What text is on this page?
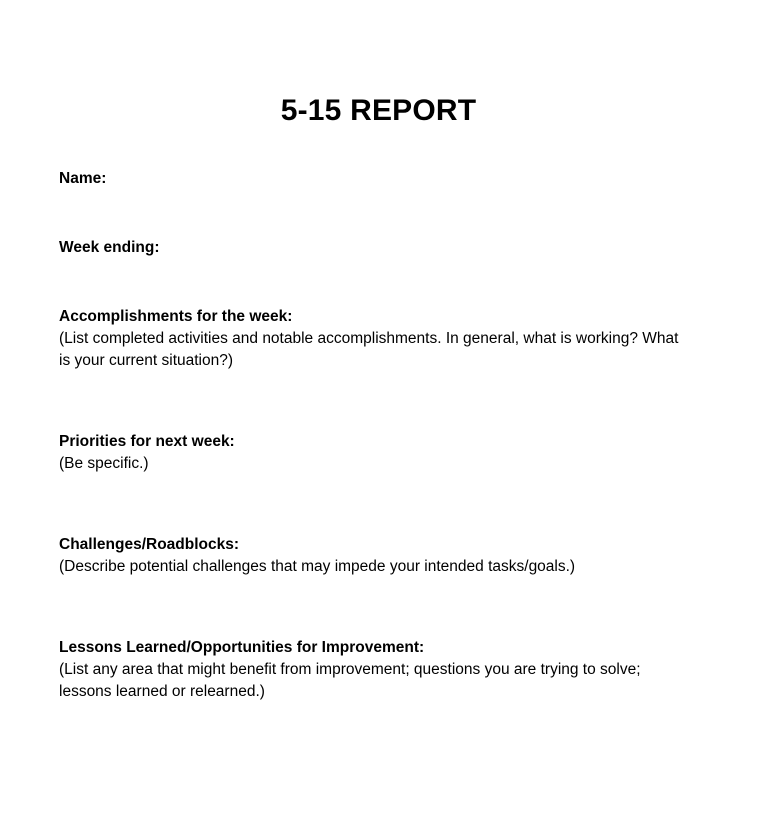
5-15 REPORT
Name:
Week ending:

Accomplishments for the week:

(List completed activities and notable accomplishments. In general, what is working? What is your current situation?)

Priorities for next week:

(Be specific.)

Challenges/Roadblocks:

(Describe potential challenges that may impede your intended tasks/goals.)

Lessons Learned/Opportunities for Improvement:

(List any area that might benefit from improvement; questions you are trying to solve; lessons learned or relearned.)
